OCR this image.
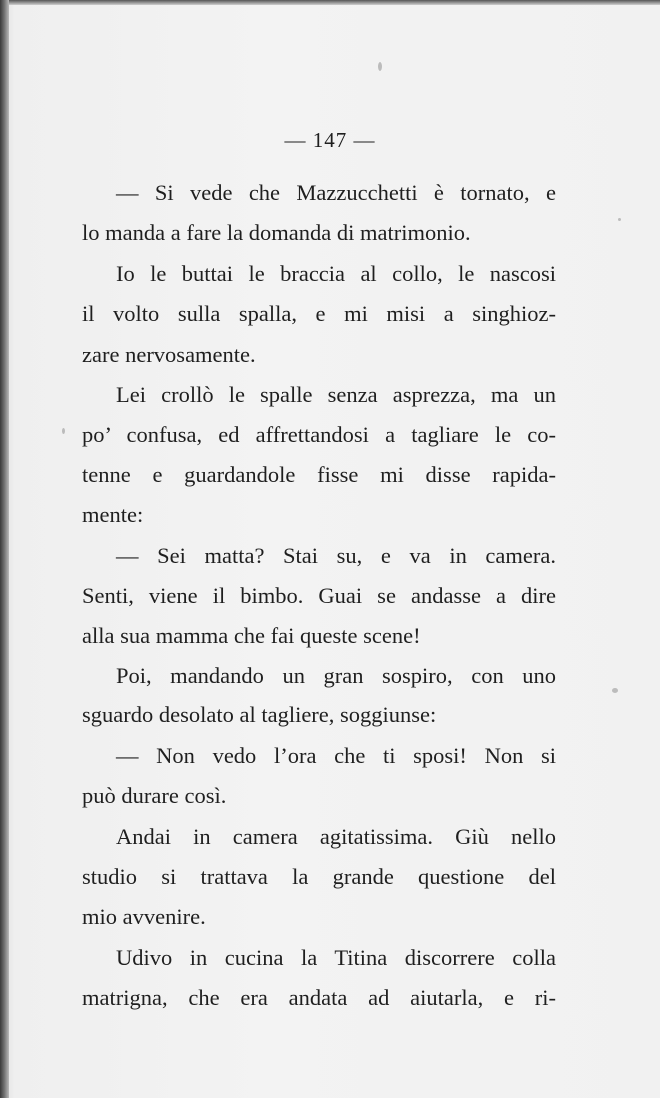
— 147 —
— Si vede che Mazzucchetti è tornato, e
lo manda a fare la domanda di matrimonio.
Io le buttai le braccia al collo, le nascosi
il volto sulla spalla, e mi misi a singhioz-
zare nervosamente.
Lei crollò le spalle senza asprezza, ma un
po’ confusa, ed affrettandosi a tagliare le co-
tenne e guardandole fisse mi disse rapida-
mente:
— Sei matta? Stai su, e va in camera.
Senti, viene il bimbo. Guai se andasse a dire
alla sua mamma che fai queste scene!
Poi, mandando un gran sospiro, con uno
sguardo desolato al tagliere, soggiunse:
— Non vedo l’ora che ti sposi! Non si
può durare così.
Andai in camera agitatissima. Giù nello
studio si trattava la grande questione del
mio avvenire.
Udivo in cucina la Titina discorrere colla
matrigna, che era andata ad aiutarla, e ri-
